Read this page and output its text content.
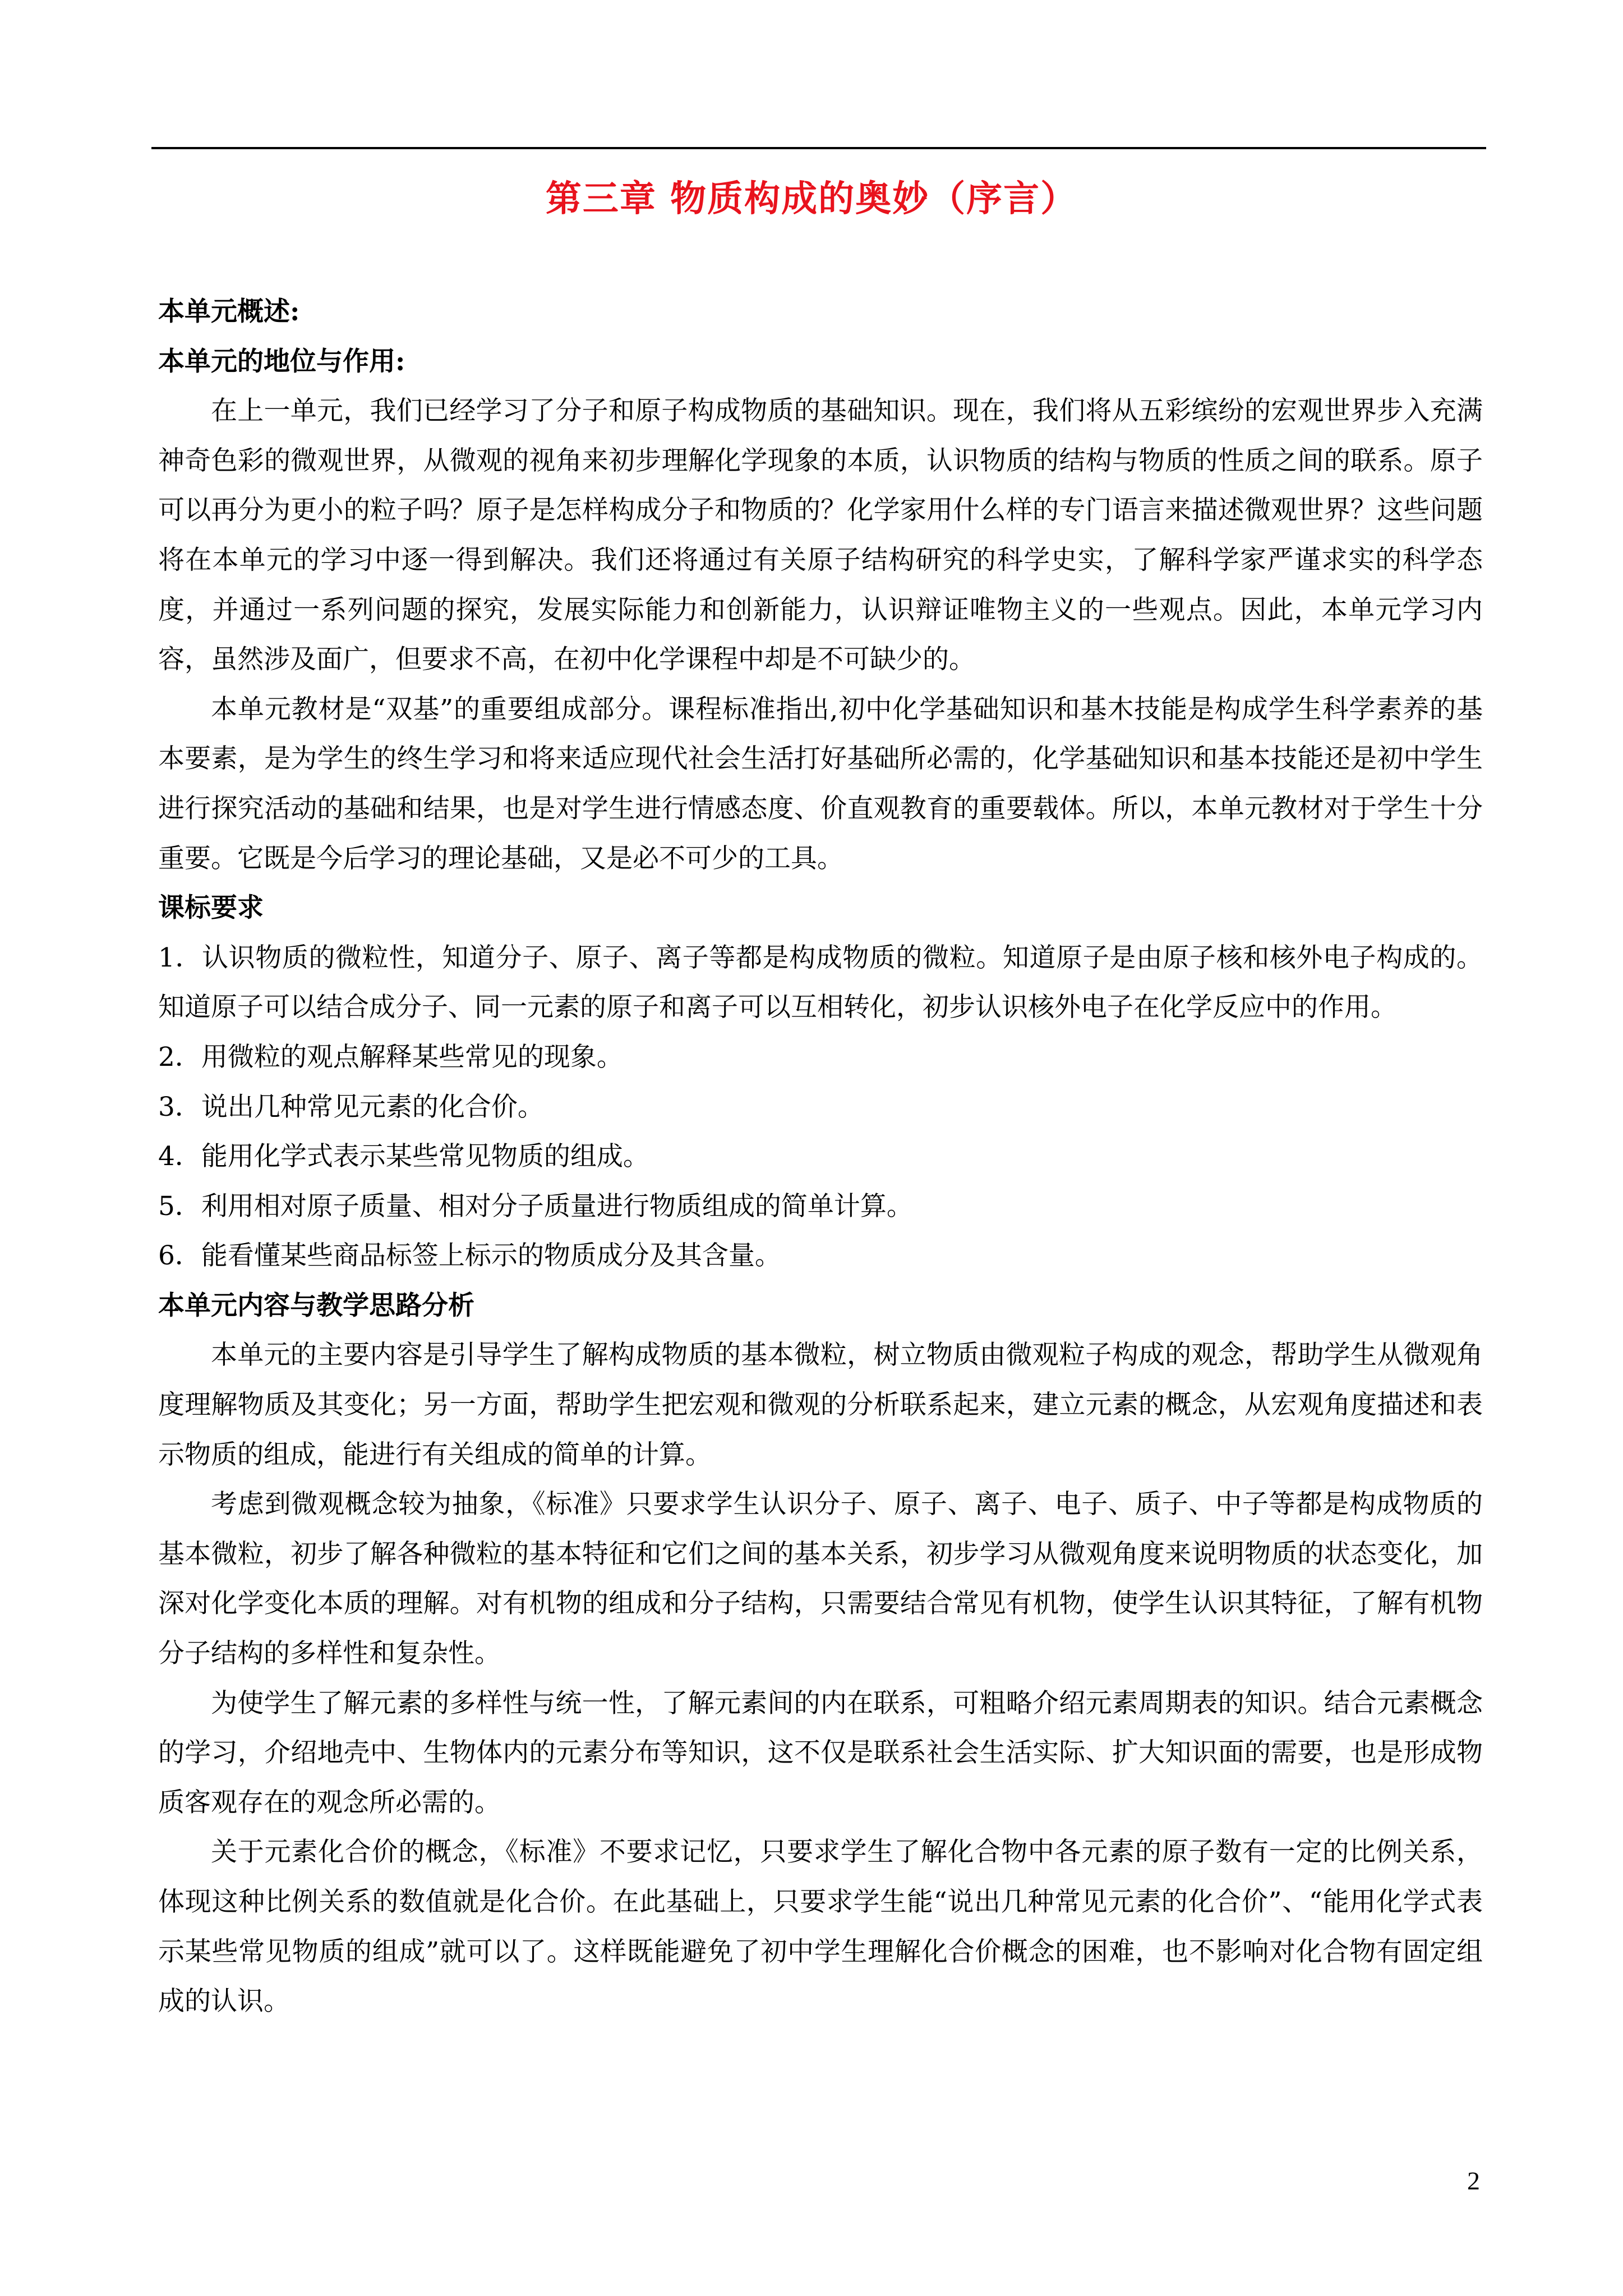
第三章 物质构成的奥妙（序言）

本单元概述:

本单元的地位与作用:

在上一单元，我们已经学习了分子和原子构成物质的基础知识。现在，我们将从五彩缤纷的宏观世界步入充满神奇色彩的微观世界，从微观的视角来初步理解化学现象的本质，认识物质的结构与物质的性质之间的联系。原子可以再分为更小的粒子吗？原子是怎样构成分子和物质的？化学家用什么样的专门语言来描述微观世界？这些问题将在本单元的学习中逐一得到解决。我们还将通过有关原子结构研究的科学史实，了解科学家严谨求实的科学态度，并通过一系列问题的探究，发展实际能力和创新能力，认识辩证唯物主义的一些观点。因此，本单元学习内容，虽然涉及面广，但要求不高，在初中化学课程中却是不可缺少的。

本单元教材是“双基”的重要组成部分。课程标准指出,初中化学基础知识和基木技能是构成学生科学素养的基本要素，是为学生的终生学习和将来适应现代社会生活打好基础所必需的，化学基础知识和基本技能还是初中学生进行探究活动的基础和结果，也是对学生进行情感态度、价直观教育的重要载体。所以，本单元教材对于学生十分重要。它既是今后学习的理论基础，又是必不可少的工具。

课标要求

1．认识物质的微粒性，知道分子、原子、离子等都是构成物质的微粒。知道原子是由原子核和核外电子构成的。知道原子可以结合成分子、同一元素的原子和离子可以互相转化，初步认识核外电子在化学反应中的作用。

2．用微粒的观点解释某些常见的现象。

3．说出几种常见元素的化合价。

4．能用化学式表示某些常见物质的组成。

5．利用相对原子质量、相对分子质量进行物质组成的简单计算。

6．能看懂某些商品标签上标示的物质成分及其含量。

本单元内容与教学思路分析

本单元的主要内容是引导学生了解构成物质的基本微粒，树立物质由微观粒子构成的观念，帮助学生从微观角度理解物质及其变化；另一方面，帮助学生把宏观和微观的分析联系起来，建立元素的概念，从宏观角度描述和表示物质的组成，能进行有关组成的简单的计算。

考虑到微观概念较为抽象，《标准》只要求学生认识分子、原子、离子、电子、质子、中子等都是构成物质的基本微粒，初步了解各种微粒的基本特征和它们之间的基本关系，初步学习从微观角度来说明物质的状态变化，加深对化学变化本质的理解。对有机物的组成和分子结构，只需要结合常见有机物，使学生认识其特征，了解有机物分子结构的多样性和复杂性。

为使学生了解元素的多样性与统一性，了解元素间的内在联系，可粗略介绍元素周期表的知识。结合元素概念的学习，介绍地壳中、生物体内的元素分布等知识，这不仅是联系社会生活实际、扩大知识面的需要，也是形成物质客观存在的观念所必需的。

关于元素化合价的概念，《标准》不要求记忆，只要求学生了解化合物中各元素的原子数有一定的比例关系，体现这种比例关系的数值就是化合价。在此基础上，只要求学生能“说出几种常见元素的化合价”、“能用化学式表示某些常见物质的组成”就可以了。这样既能避免了初中学生理解化合价概念的困难，也不影响对化合物有固定组成的认识。

2
